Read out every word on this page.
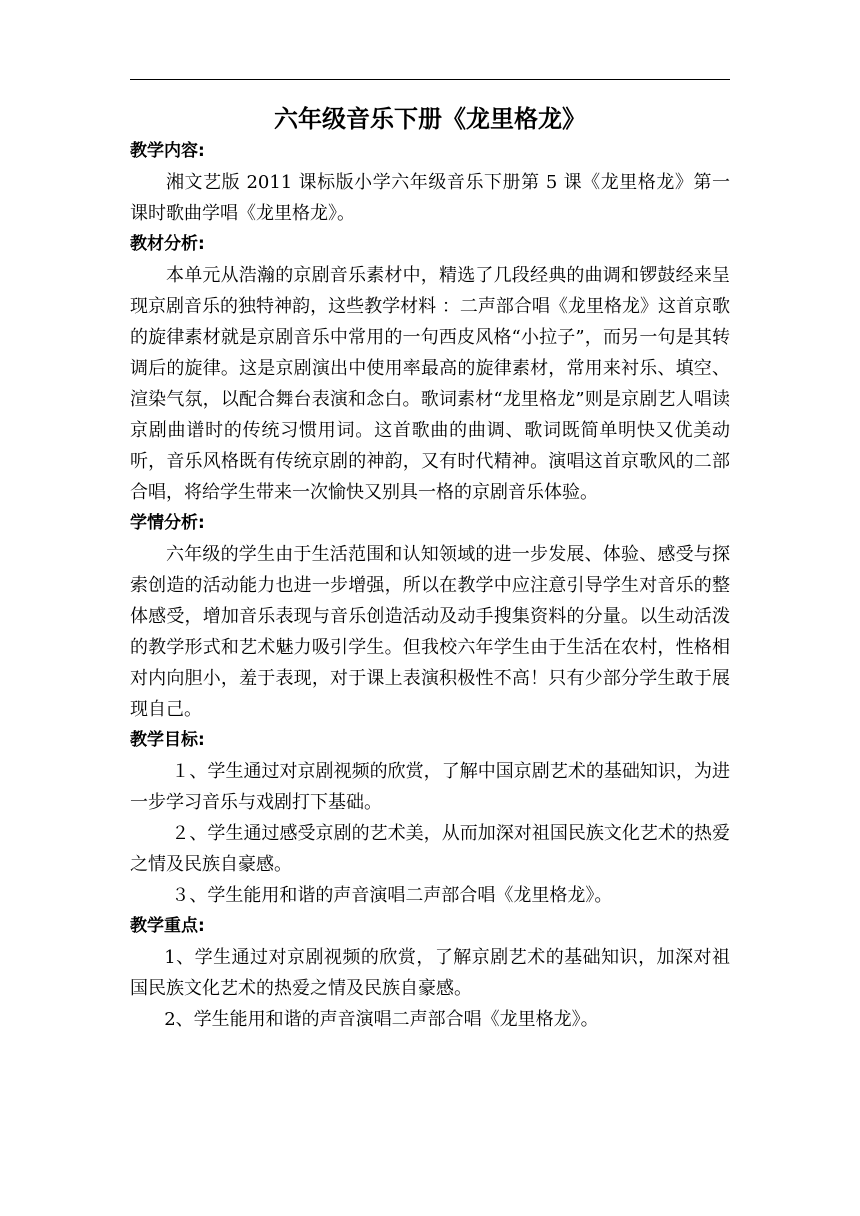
六年级音乐下册《龙里格龙》

教学内容:

湘文艺版 2011 课标版小学六年级音乐下册第 5 课《龙里格龙》第一课时歌曲学唱《龙里格龙》。

教材分析:

本单元从浩瀚的京剧音乐素材中，精选了几段经典的曲调和锣鼓经来呈现京剧音乐的独特神韵，这些教学材料 ：二声部合唱《龙里格龙》这首京歌的旋律素材就是京剧音乐中常用的一句西皮风格“小拉子”，而另一句是其转调后的旋律。这是京剧演出中使用率最高的旋律素材，常用来衬乐、填空、渲染气氛，以配合舞台表演和念白。歌词素材“龙里格龙”则是京剧艺人唱读京剧曲谱时的传统习惯用词。这首歌曲的曲调、歌词既简单明快又优美动听，音乐风格既有传统京剧的神韵，又有时代精神。演唱这首京歌风的二部合唱，将给学生带来一次愉快又别具一格的京剧音乐体验。

学情分析:

六年级的学生由于生活范围和认知领域的进一步发展、体验、感受与探索创造的活动能力也进一步增强，所以在教学中应注意引导学生对音乐的整体感受，增加音乐表现与音乐创造活动及动手搜集资料的分量。以生动活泼的教学形式和艺术魅力吸引学生。但我校六年学生由于生活在农村，性格相对内向胆小，羞于表现，对于课上表演积极性不高！只有少部分学生敢于展现自己。

教学目标:

１、学生通过对京剧视频的欣赏，了解中国京剧艺术的基础知识，为进一步学习音乐与戏剧打下基础。

２、学生通过感受京剧的艺术美，从而加深对祖国民族文化艺术的热爱之情及民族自豪感。

３、学生能用和谐的声音演唱二声部合唱《龙里格龙》。

教学重点:

1、学生通过对京剧视频的欣赏，了解京剧艺术的基础知识，加深对祖国民族文化艺术的热爱之情及民族自豪感。

2、学生能用和谐的声音演唱二声部合唱《龙里格龙》。
